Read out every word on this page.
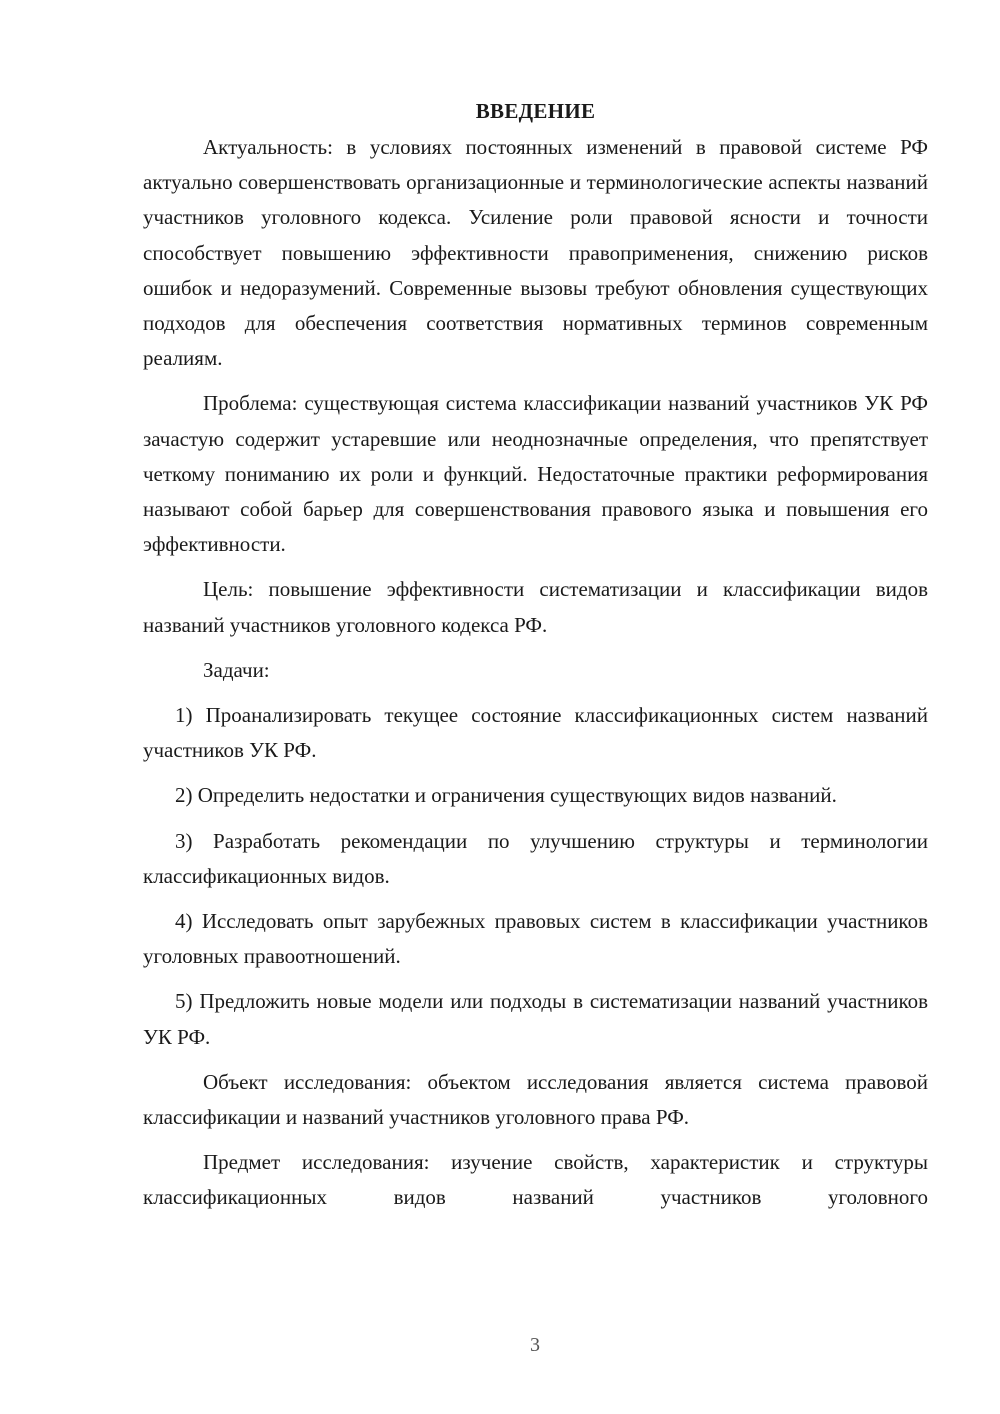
ВВЕДЕНИЕ

Актуальность: в условиях постоянных изменений в правовой системе РФ актуально совершенствовать организационные и терминологические аспекты названий участников уголовного кодекса. Усиление роли правовой ясности и точности способствует повышению эффективности правоприменения, снижению рисков ошибок и недоразумений. Современные вызовы требуют обновления существующих подходов для обеспечения соответствия нормативных терминов современным реалиям.

Проблема: существующая система классификации названий участников УК РФ зачастую содержит устаревшие или неоднозначные определения, что препятствует четкому пониманию их роли и функций. Недостаточные практики реформирования называют собой барьер для совершенствования правового языка и повышения его эффективности.

Цель: повышение эффективности систематизации и классификации видов названий участников уголовного кодекса РФ.

Задачи:

1) Проанализировать текущее состояние классификационных систем названий участников УК РФ.

2) Определить недостатки и ограничения существующих видов названий.

3) Разработать рекомендации по улучшению структуры и терминологии классификационных видов.

4) Исследовать опыт зарубежных правовых систем в классификации участников уголовных правоотношений.

5) Предложить новые модели или подходы в систематизации названий участников УК РФ.

Объект исследования: объектом исследования является система правовой классификации и названий участников уголовного права РФ.

Предмет исследования: изучение свойств, характеристик и структуры классификационных видов названий участников уголовного

3
